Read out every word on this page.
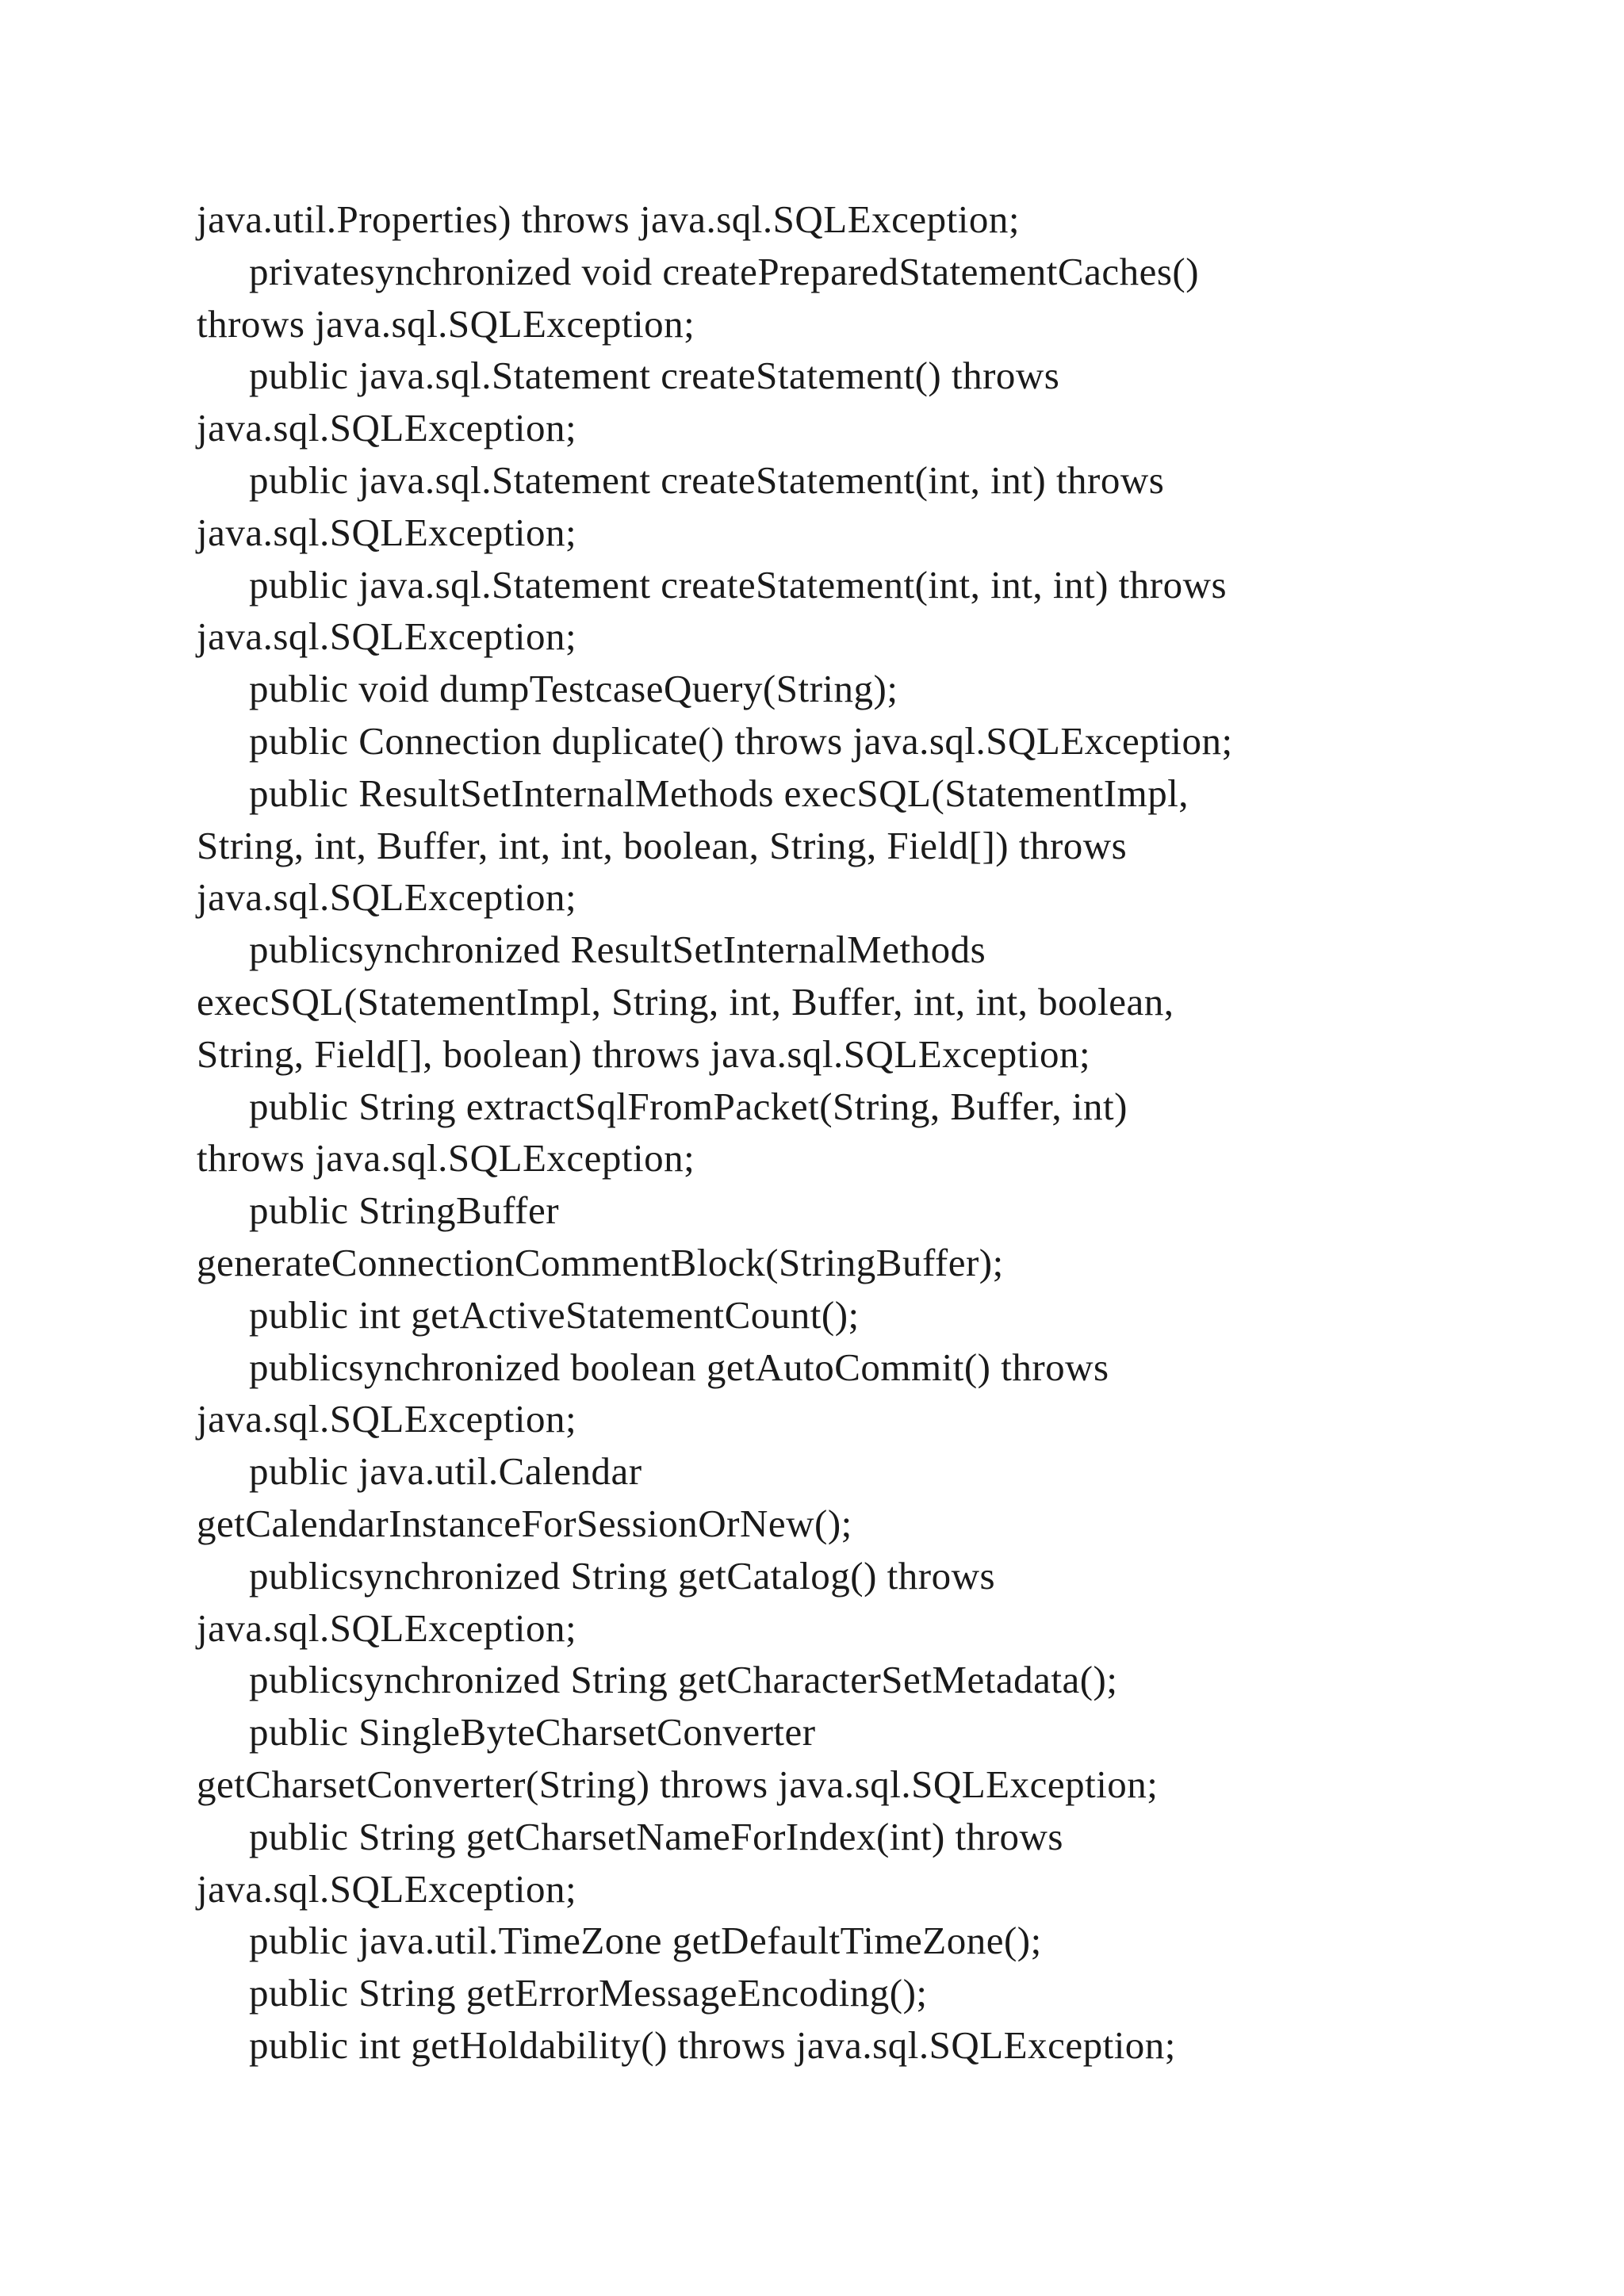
java.util.Properties) throws java.sql.SQLException;
privatesynchronized void createPreparedStatementCaches()
throws java.sql.SQLException;
public java.sql.Statement createStatement() throws
java.sql.SQLException;
public java.sql.Statement createStatement(int, int) throws
java.sql.SQLException;
public java.sql.Statement createStatement(int, int, int) throws
java.sql.SQLException;
public void dumpTestcaseQuery(String);
public Connection duplicate() throws java.sql.SQLException;
public ResultSetInternalMethods execSQL(StatementImpl,
String, int, Buffer, int, int, boolean, String, Field[]) throws
java.sql.SQLException;
publicsynchronized ResultSetInternalMethods
execSQL(StatementImpl, String, int, Buffer, int, int, boolean,
String, Field[], boolean) throws java.sql.SQLException;
public String extractSqlFromPacket(String, Buffer, int)
throws java.sql.SQLException;
public StringBuffer
generateConnectionCommentBlock(StringBuffer);
public int getActiveStatementCount();
publicsynchronized boolean getAutoCommit() throws
java.sql.SQLException;
public java.util.Calendar
getCalendarInstanceForSessionOrNew();
publicsynchronized String getCatalog() throws
java.sql.SQLException;
publicsynchronized String getCharacterSetMetadata();
public SingleByteCharsetConverter
getCharsetConverter(String) throws java.sql.SQLException;
public String getCharsetNameForIndex(int) throws
java.sql.SQLException;
public java.util.TimeZone getDefaultTimeZone();
public String getErrorMessageEncoding();
public int getHoldability() throws java.sql.SQLException;
